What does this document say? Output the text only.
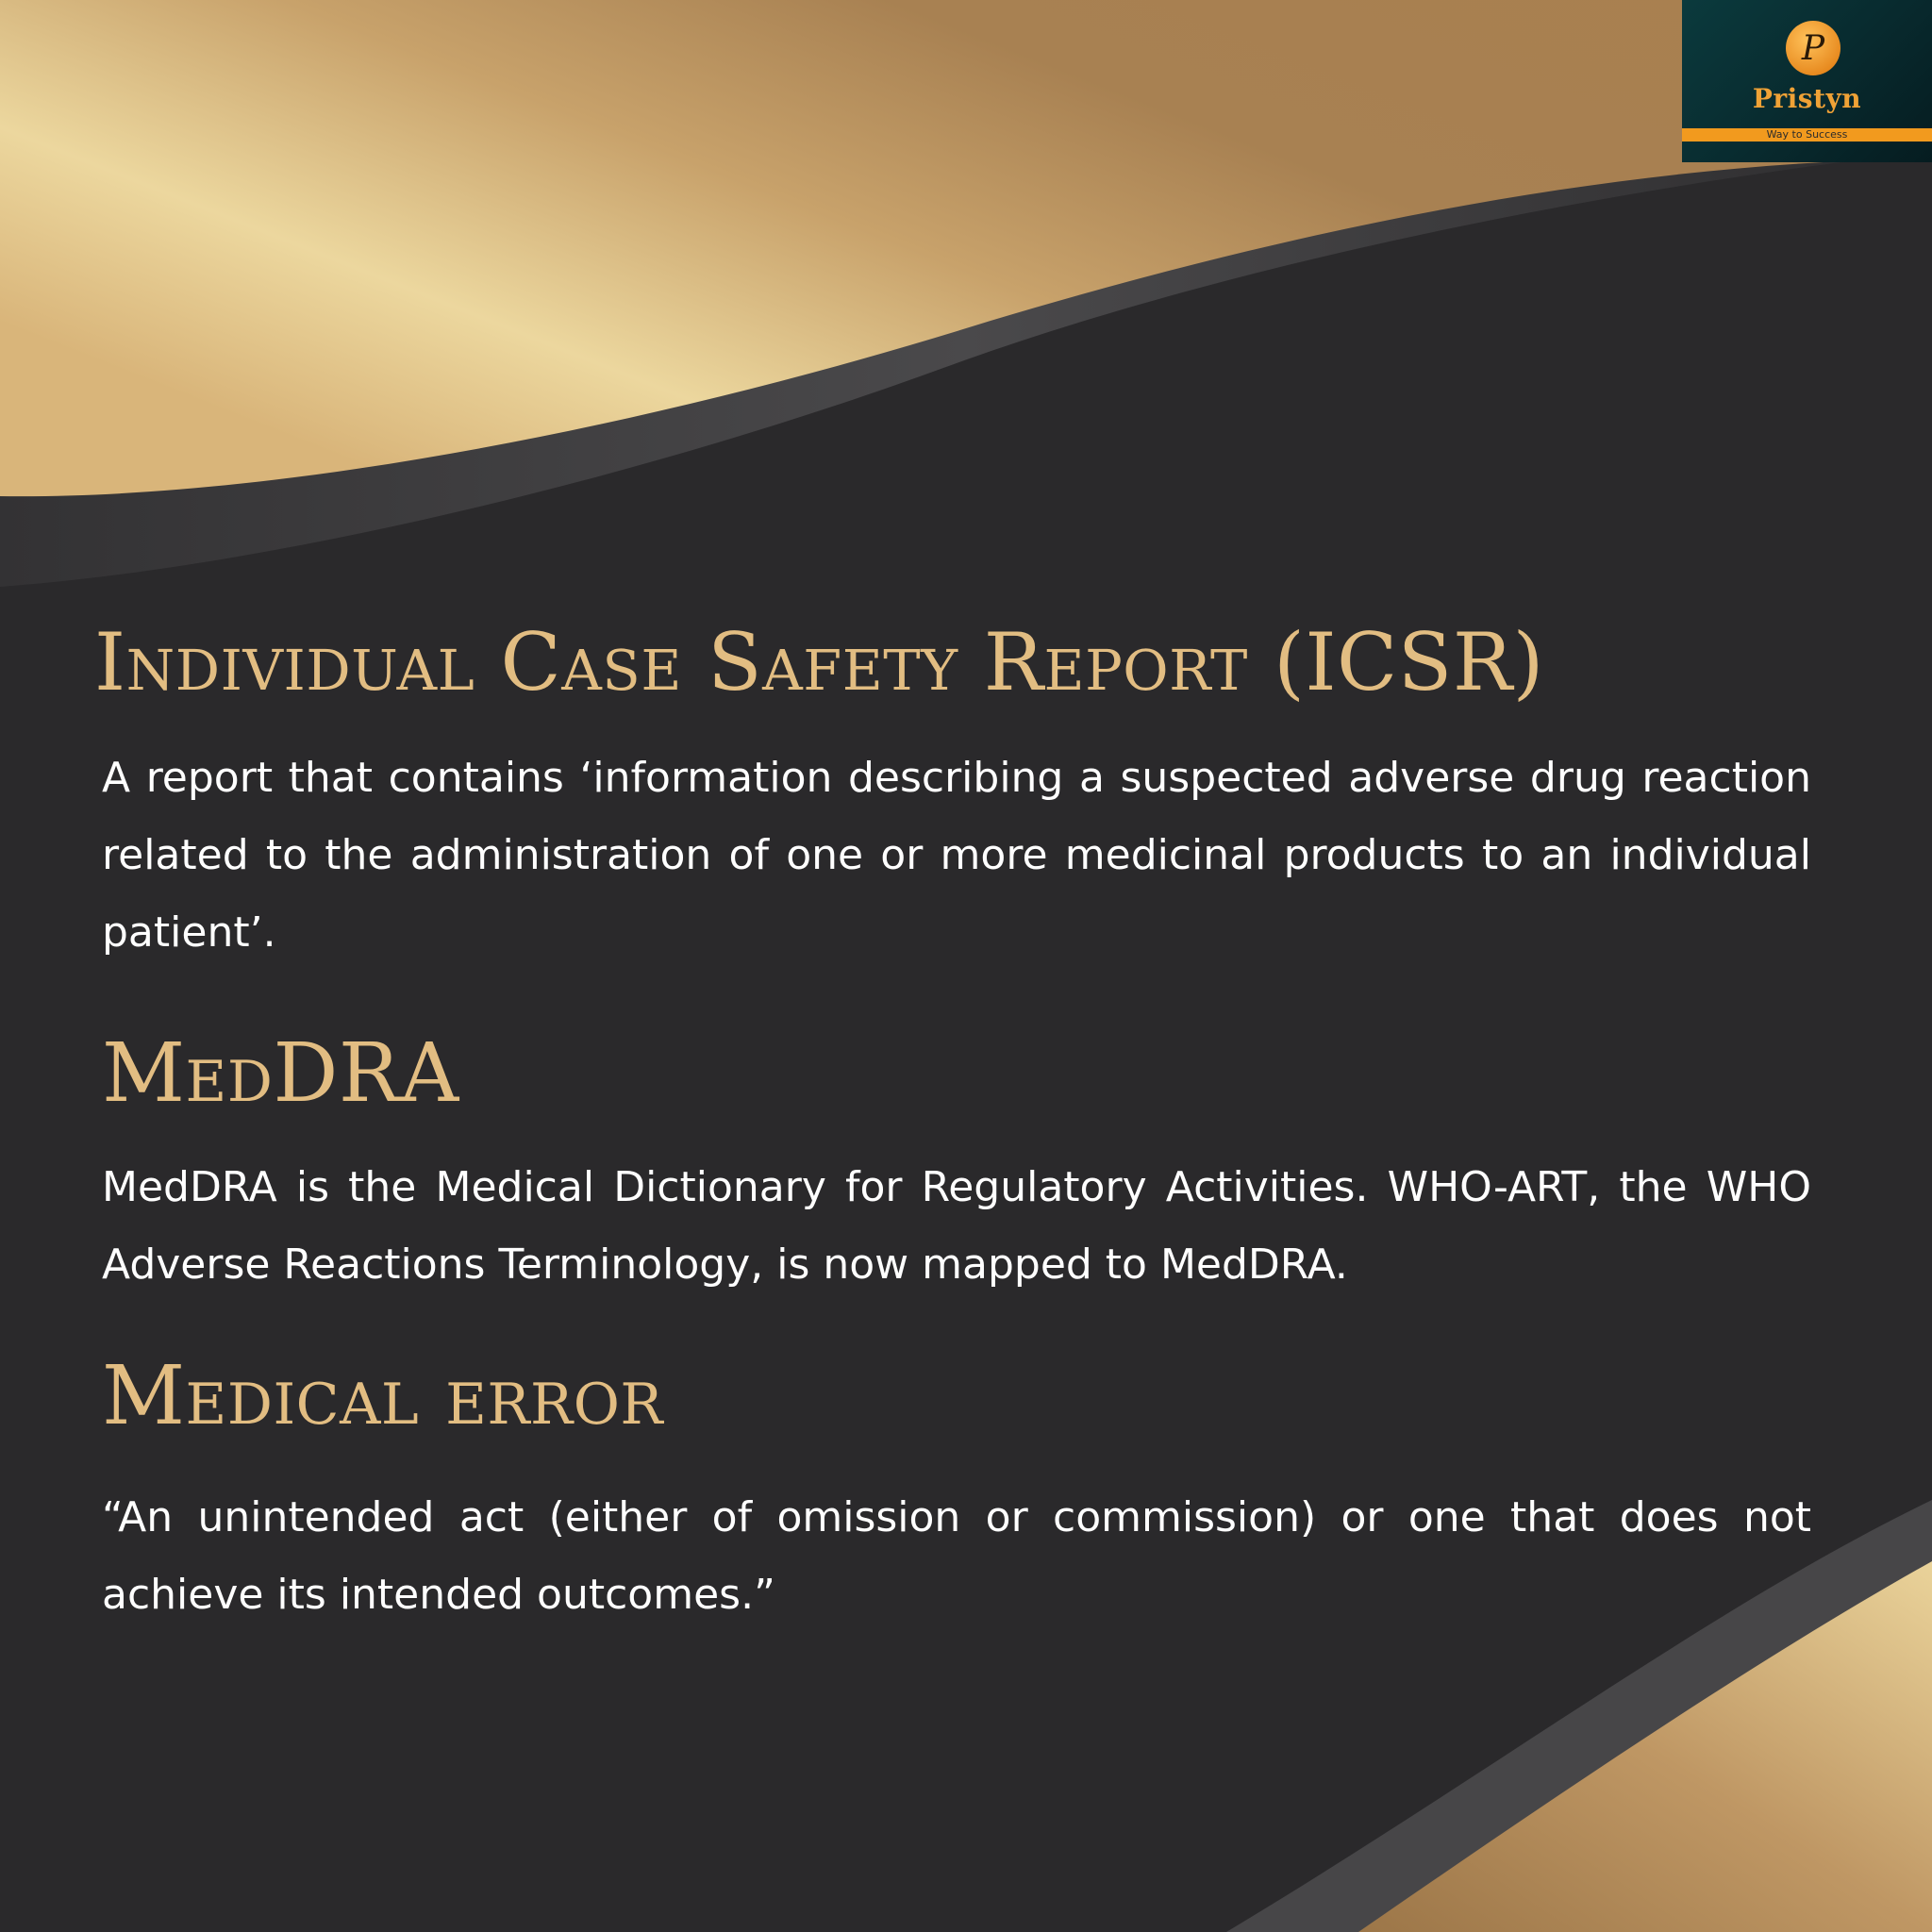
P
Pristyn
Way to Success
Individual Case Safety Report (ICSR)

A report that contains ‘information describing a suspected adverse drug reaction related to the administration of one or more medicinal products to an individual patient’.

MedDRA

MedDRA is the Medical Dictionary for Regulatory Activities. WHO-ART, the WHO Adverse Reactions Terminology, is now mapped to MedDRA.

Medical error

“An unintended act (either of omission or commission) or one that does not achieve its intended outcomes.”
